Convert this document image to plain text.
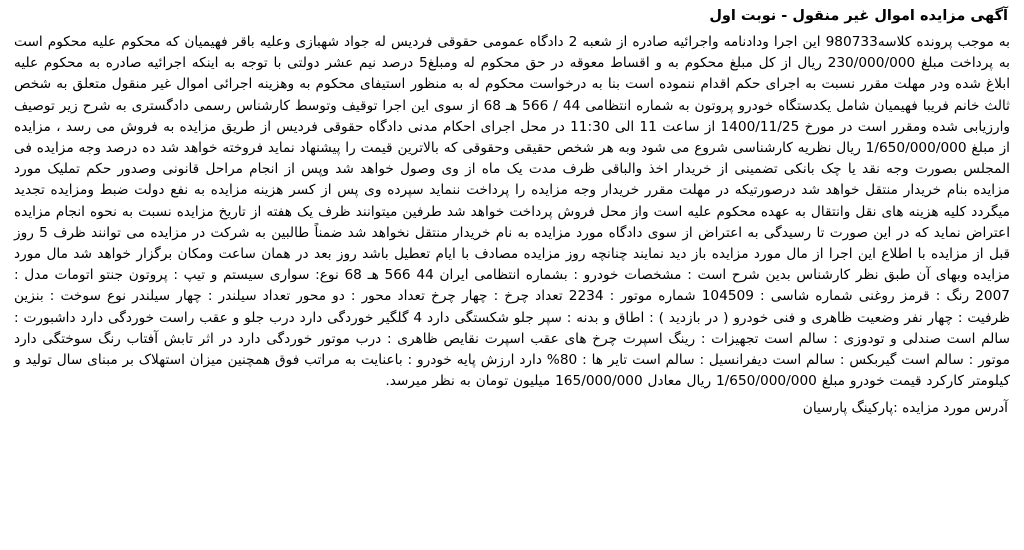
آگهی مزایده اموال غیر منقول - نوبت اول

به موجب پرونده کلاسه980733 این اجرا ودادنامه واجرائیه صادره از شعبه 2 دادگاه عمومی حقوقی فردیس له جواد شهبازی وعلیه باقر فهیمیان که محکوم علیه محکوم است به پرداخت مبلغ 230/000/000 ریال از کل مبلغ محکوم به و اقساط معوقه در حق محکوم له ومبلغ5 درصد نیم عشر دولتی با توجه به اینکه اجرائیه صادره به محکوم علیه ابلاغ شده ودر مهلت مقرر نسبت به اجرای حکم اقدام ننموده است بنا به درخواست محکوم له به منظور استیفای محکوم به وهزینه اجرائی اموال غیر منقول متعلق به شخص ثالث خانم فریبا فهیمیان شامل یکدستگاه خودرو پروتون به شماره انتظامی 44 / 566 هـ 68 از سوی این اجرا توقیف وتوسط کارشناس رسمی دادگستری به شرح زیر توصیف وارزیابی شده ومقرر است در مورخ 1400/11/25 از ساعت 11 الی 11:30 در محل اجرای احکام مدنی دادگاه حقوقی فردیس از طریق مزایده به فروش می رسد ، مزایده از مبلغ 1/650/000/000 ریال نظریه کارشناسی شروع می شود وبه هر شخص حقیقی وحقوقی که بالاترین قیمت را پیشنهاد نماید فروخته خواهد شد ده درصد وجه مزایده فی المجلس بصورت وجه نقد یا چک بانکی تضمینی از خریدار اخذ والباقی ظرف مدت یک ماه از وی وصول خواهد شد وپس از انجام مراحل قانونی وصدور حکم تملیک مورد مزایده بنام خریدار منتقل خواهد شد درصورتیکه در مهلت مقرر خریدار وجه مزایده را پرداخت ننماید سپرده وی پس از کسر هزینه مزایده به نفع دولت ضبط ومزایده تجدید میگردد کلیه هزینه های نقل وانتقال به عهده محکوم علیه است واز محل فروش پرداخت خواهد شد طرفین میتوانند ظرف یک هفته از تاریخ مزایده نسبت به نحوه انجام مزایده اعتراض نماید که در این صورت تا رسیدگی به اعتراض از سوی دادگاه مورد مزایده به نام خریدار منتقل نخواهد شد ضمناً طالبین به شرکت در مزایده می توانند ظرف 5 روز قبل از مزایده با اطلاع این اجرا از مال مورد مزایده باز دید نمایند چنانچه روز مزایده مصادف با ایام تعطیل باشد روز بعد در همان ساعت ومکان برگزار خواهد شد مال مورد مزایده وبهای آن طبق نظر کارشناس بدین شرح است : مشخصات خودرو : بشماره انتظامی ایران 44 566 هـ 68 نوع: سواری سیستم و تیپ : پروتون جنتو اتومات مدل : 2007 رنگ : قرمز روغنی شماره شاسی : 104509 شماره موتور : 2234 تعداد چرخ : چهار چرخ تعداد محور : دو محور تعداد سیلندر : چهار سیلندر نوع سوخت : بنزین ظرفیت : چهار نفر وضعیت ظاهری و فنی خودرو ( در بازدید ) : اطاق و بدنه : سپر جلو شکستگی دارد 4 گلگیر خوردگی دارد درب جلو و عقب راست خوردگی دارد داشبورت : سالم است صندلی و تودوزی : سالم است تجهیزات : رینگ اسپرت چرخ های عقب اسپرت نقایص ظاهری : درب موتور خوردگی دارد در اثر تابش آفتاب رنگ سوختگی دارد موتور : سالم است گیربکس : سالم است دیفرانسیل : سالم است تایر ها : 80% دارد ارزش پایه خودرو : باعنایت به مراتب فوق همچنین میزان استهلاک بر مبنای سال تولید و کیلومتر کارکرد قیمت خودرو مبلغ 1/650/000/000 ریال معادل 165/000/000 میلیون تومان به نظر میرسد.

آدرس مورد مزایده :پارکینگ پارسیان
